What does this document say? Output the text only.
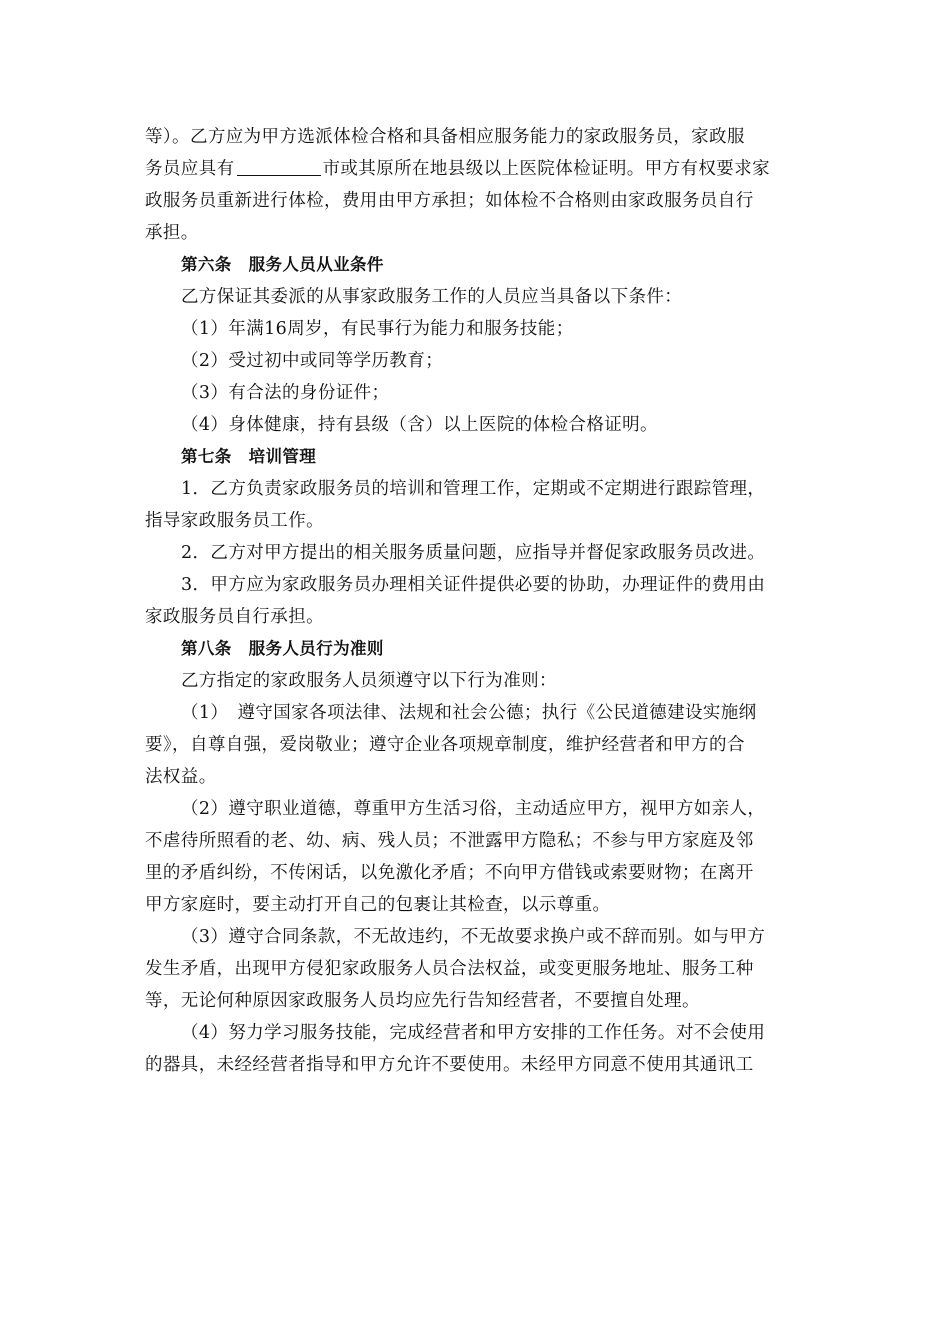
等）。乙方应为甲方选派体检合格和具备相应服务能力的家政服务员，家政服
务员应具有	市或其原所在地县级以上医院体检证明。甲方有权要求家
政服务员重新进行体检，费用由甲方承担；如体检不合格则由家政服务员自行
承担。
第六条　服务人员从业条件
乙方保证其委派的从事家政服务工作的人员应当具备以下条件：
（1）年满16周岁，有民事行为能力和服务技能；
（2）受过初中或同等学历教育；
（3）有合法的身份证件；
（4）身体健康，持有县级（含）以上医院的体检合格证明。
第七条　培训管理
1．乙方负责家政服务员的培训和管理工作，定期或不定期进行跟踪管理，
指导家政服务员工作。
2．乙方对甲方提出的相关服务质量问题，应指导并督促家政服务员改进。
3．甲方应为家政服务员办理相关证件提供必要的协助，办理证件的费用由
家政服务员自行承担。
第八条　服务人员行为准则
乙方指定的家政服务人员须遵守以下行为准则：
（1）　遵守国家各项法律、法规和社会公德；执行《公民道德建设实施纲
要》，自尊自强，爱岗敬业；遵守企业各项规章制度，维护经营者和甲方的合
法权益。
（2）遵守职业道德，尊重甲方生活习俗，主动适应甲方，视甲方如亲人，
不虐待所照看的老、幼、病、残人员；不泄露甲方隐私；不参与甲方家庭及邻
里的矛盾纠纷，不传闲话，以免激化矛盾；不向甲方借钱或索要财物；在离开
甲方家庭时，要主动打开自己的包裹让其检查，以示尊重。
（3）遵守合同条款，不无故违约，不无故要求换户或不辞而别。如与甲方
发生矛盾，出现甲方侵犯家政服务人员合法权益，或变更服务地址、服务工种
等，无论何种原因家政服务人员均应先行告知经营者，不要擅自处理。
（4）努力学习服务技能，完成经营者和甲方安排的工作任务。对不会使用
的器具，未经经营者指导和甲方允许不要使用。未经甲方同意不使用其通讯工
